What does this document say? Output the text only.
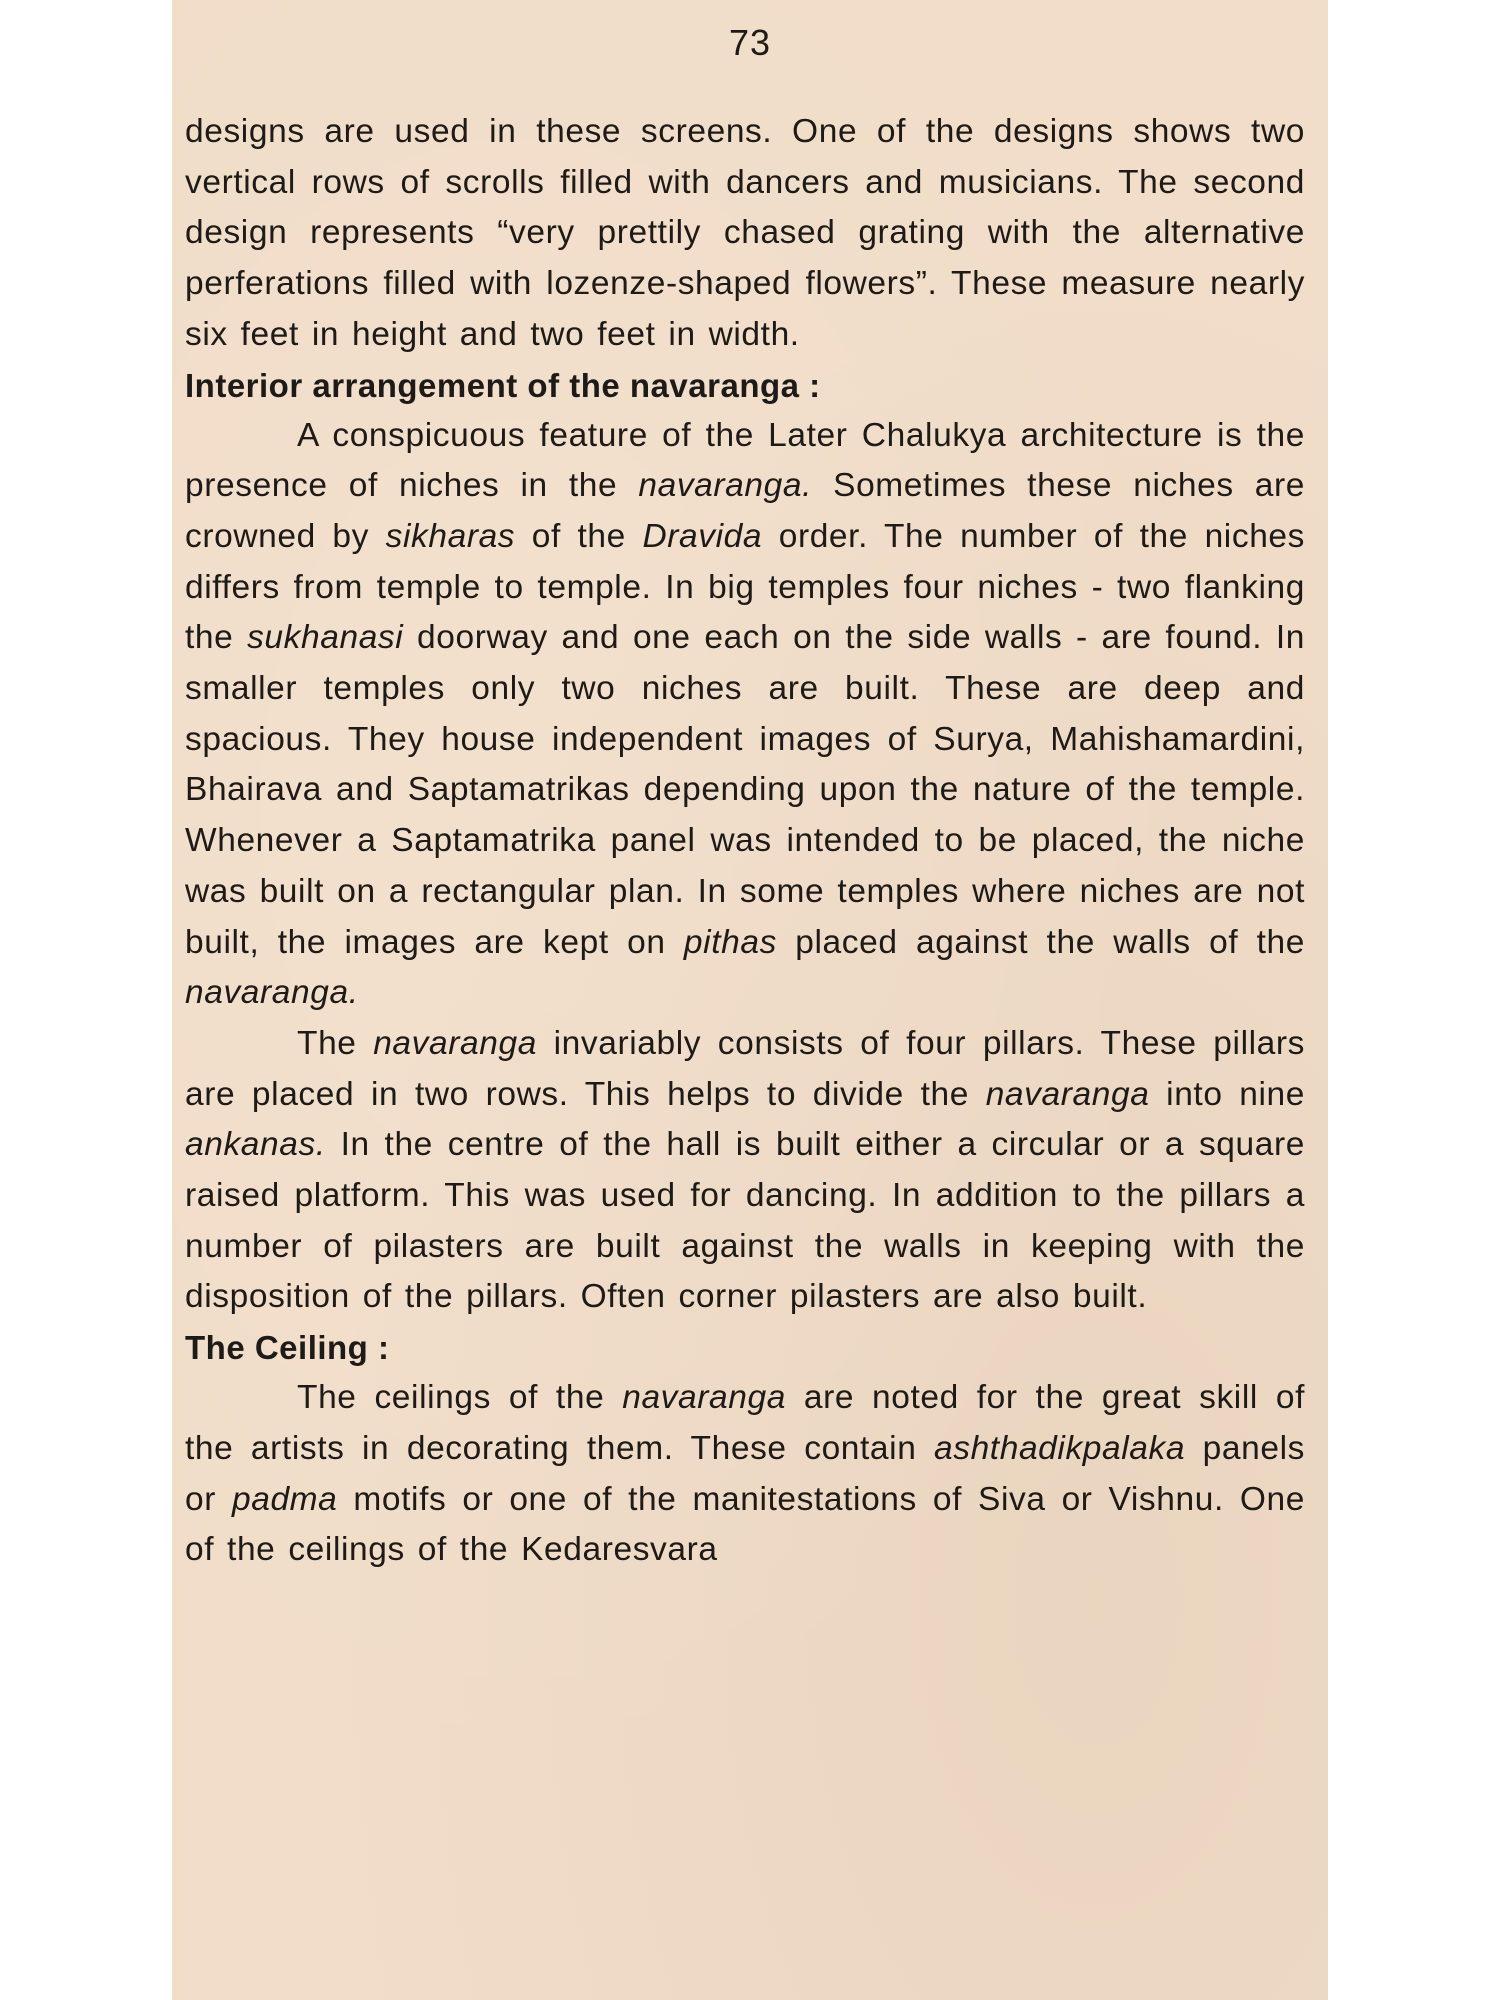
73

designs are used in these screens. One of the designs shows two vertical rows of scrolls filled with dancers and musicians. The second design represents “very prettily chased grating with the alternative perferations filled with lozenze-shaped flowers”. These measure nearly six feet in height and two feet in width.

Interior arrangement of the navaranga :

A conspicuous feature of the Later Chalukya architecture is the presence of niches in the navaranga. Sometimes these niches are crowned by sikharas of the Dravida order. The number of the niches differs from temple to temple. In big temples four niches - two flanking the sukhanasi doorway and one each on the side walls - are found. In smaller temples only two niches are built. These are deep and spacious. They house independent images of Surya, Mahishamardini, Bhairava and Saptamatrikas depending upon the nature of the temple. Whenever a Saptamatrika panel was intended to be placed, the niche was built on a rectangular plan. In some temples where niches are not built, the images are kept on pithas placed against the walls of the navaranga.

The navaranga invariably consists of four pillars. These pillars are placed in two rows. This helps to divide the navaranga into nine ankanas. In the centre of the hall is built either a circular or a square raised platform. This was used for dancing. In addition to the pillars a number of pilasters are built against the walls in keeping with the disposition of the pillars. Often corner pilasters are also built.

The Ceiling :

The ceilings of the navaranga are noted for the great skill of the artists in decorating them. These contain ashthadikpalaka panels or padma motifs or one of the manitestations of Siva or Vishnu. One of the ceilings of the Kedaresvara
